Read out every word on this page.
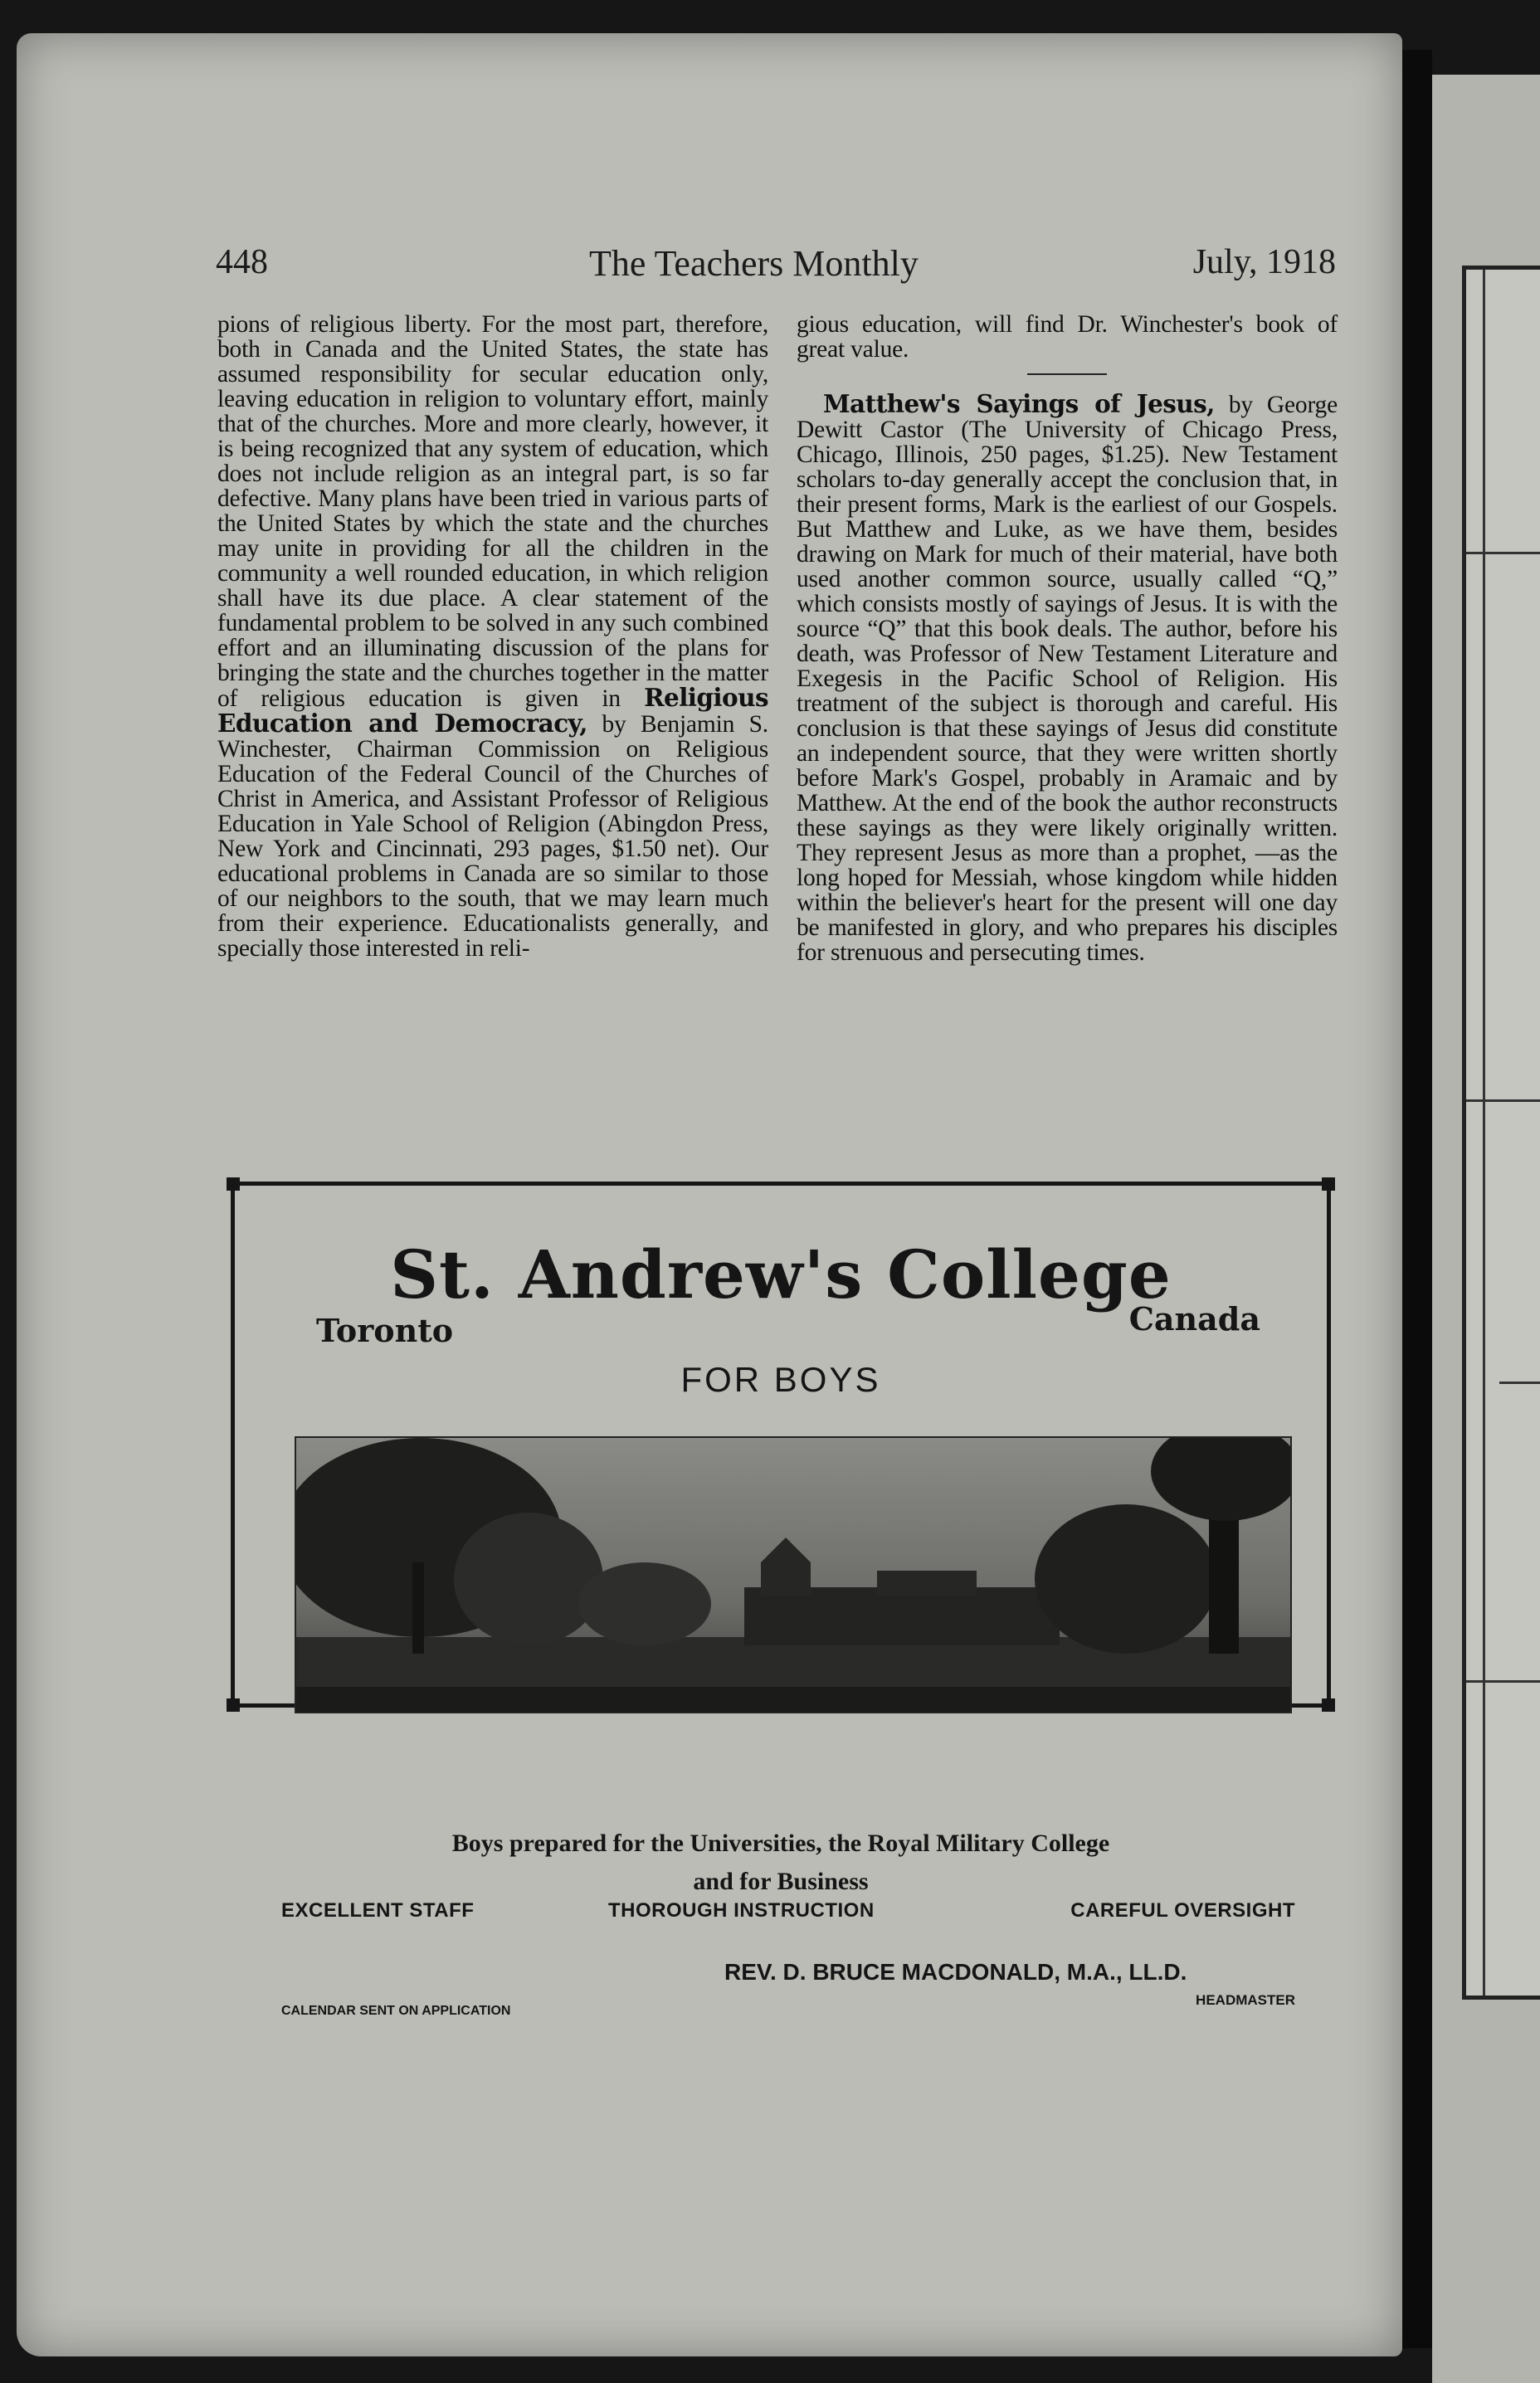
448	The Teachers Monthly	July, 1918

pions of religious liberty. For the most part, therefore, both in Canada and the United States, the state has assumed responsibility for secular education only, leaving education in religion to voluntary effort, mainly that of the churches. More and more clearly, however, it is being recognized that any system of education, which does not include religion as an integral part, is so far defective. Many plans have been tried in various parts of the United States by which the state and the churches may unite in providing for all the children in the community a well rounded education, in which religion shall have its due place. A clear statement of the fundamental problem to be solved in any such combined effort and an illuminating discussion of the plans for bringing the state and the churches together in the matter of religious education is given in Religious Education and Democracy, by Benjamin S. Winchester, Chairman Commission on Religious Education of the Federal Council of the Churches of Christ in America, and Assistant Professor of Religious Education in Yale School of Religion (Abingdon Press, New York and Cincinnati, 293 pages, $1.50 net). Our educational problems in Canada are so similar to those of our neighbors to the south, that we may learn much from their experience. Educationalists generally, and specially those interested in reli-

gious education, will find Dr. Winchester's book of great value.

Matthew's Sayings of Jesus, by George Dewitt Castor (The University of Chicago Press, Chicago, Illinois, 250 pages, $1.25). New Testament scholars to-day generally accept the conclusion that, in their present forms, Mark is the earliest of our Gospels. But Matthew and Luke, as we have them, besides drawing on Mark for much of their material, have both used another common source, usually called “Q,” which consists mostly of sayings of Jesus. It is with the source “Q” that this book deals. The author, before his death, was Professor of New Testament Literature and Exegesis in the Pacific School of Religion. His treatment of the subject is thorough and careful. His conclusion is that these sayings of Jesus did constitute an independent source, that they were written shortly before Mark's Gospel, probably in Aramaic and by Matthew. At the end of the book the author reconstructs these sayings as they were likely originally written. They represent Jesus as more than a prophet, —as the long hoped for Messiah, whose kingdom while hidden within the believer's heart for the present will one day be manifested in glory, and who prepares his disciples for strenuous and persecuting times.

St. Andrew's College
Toronto	Canada
FOR BOYS
Boys prepared for the Universities, the Royal Military College
and for Business
EXCELLENT STAFF	THOROUGH INSTRUCTION	CAREFUL OVERSIGHT
REV. D. BRUCE MACDONALD, M.A., LL.D.
HEADMASTER
CALENDAR SENT ON APPLICATION
